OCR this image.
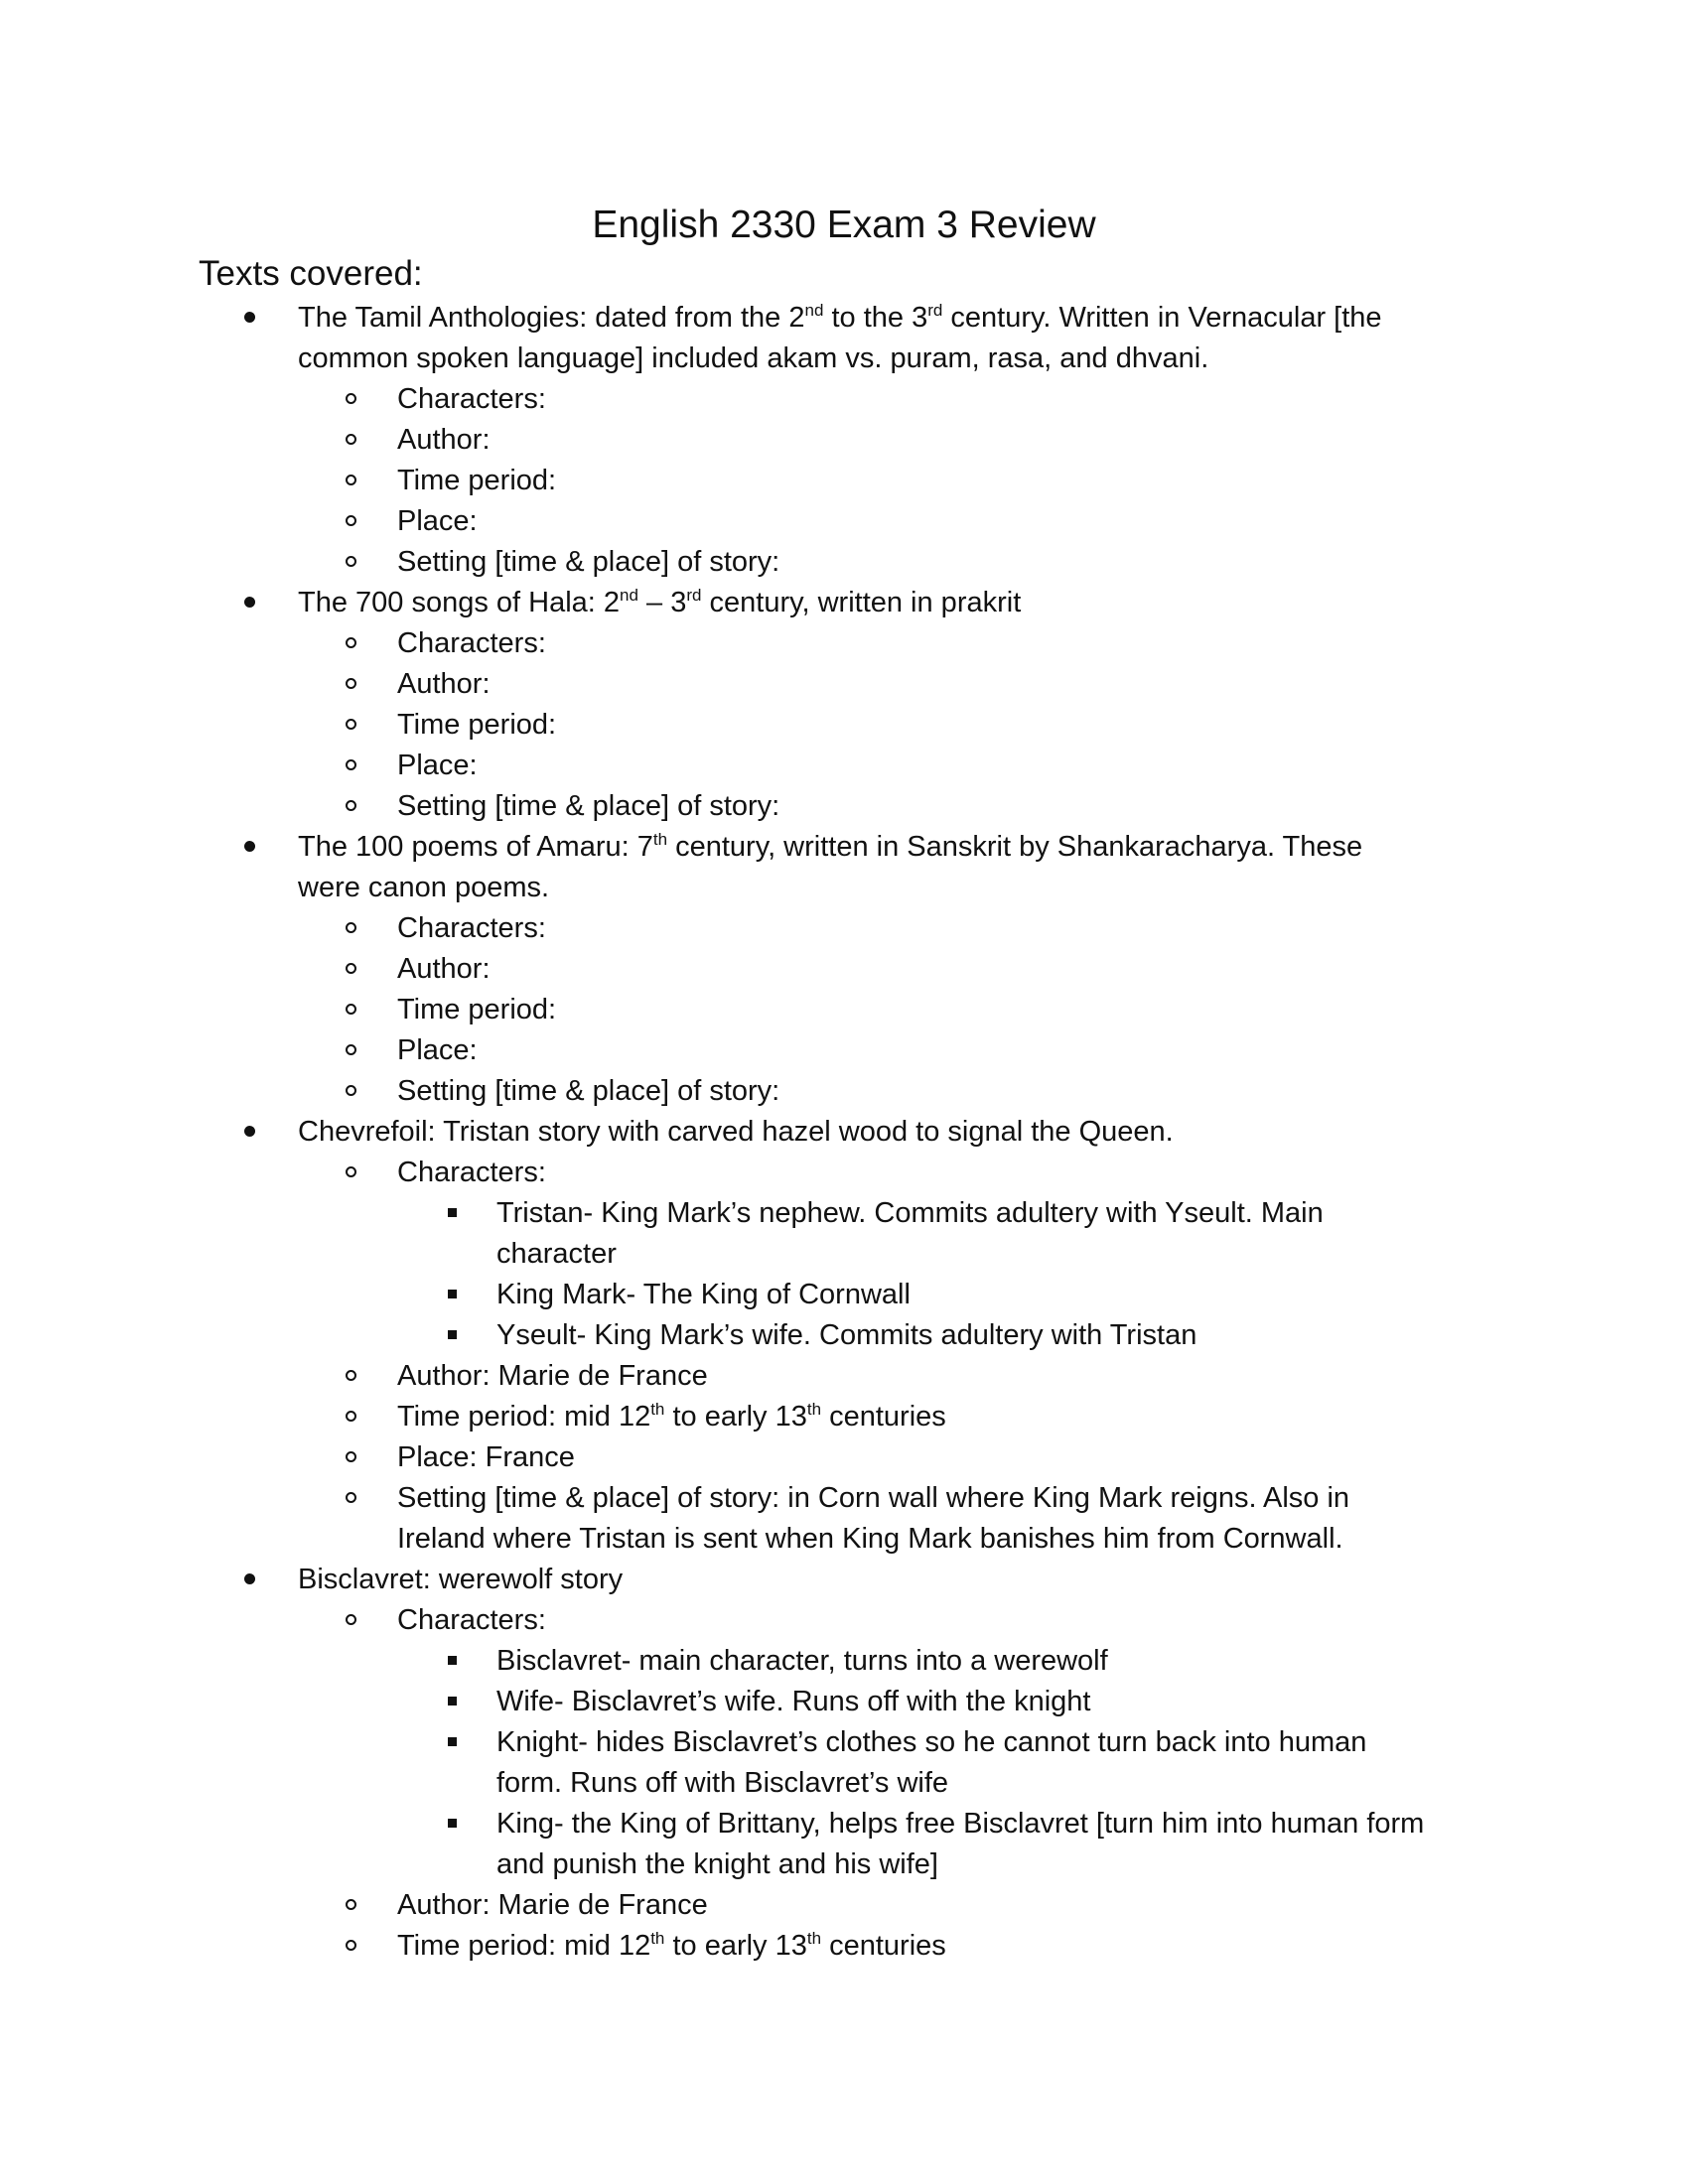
English 2330 Exam 3 Review
Texts covered:
The Tamil Anthologies: dated from the 2nd to the 3rd century. Written in Vernacular [the
common spoken language] included akam vs. puram, rasa, and dhvani.
Characters:
Author:
Time period:
Place:
Setting [time & place] of story:
The 700 songs of Hala: 2nd – 3rd century, written in prakrit
Characters:
Author:
Time period:
Place:
Setting [time & place] of story:
The 100 poems of Amaru: 7th century, written in Sanskrit by Shankaracharya. These
were canon poems.
Characters:
Author:
Time period:
Place:
Setting [time & place] of story:
Chevrefoil: Tristan story with carved hazel wood to signal the Queen.
Characters:
Tristan- King Mark’s nephew. Commits adultery with Yseult. Main
character
King Mark- The King of Cornwall
Yseult- King Mark’s wife. Commits adultery with Tristan
Author: Marie de France
Time period: mid 12th to early 13th centuries
Place: France
Setting [time & place] of story: in Corn wall where King Mark reigns. Also in
Ireland where Tristan is sent when King Mark banishes him from Cornwall.
Bisclavret: werewolf story
Characters:
Bisclavret- main character, turns into a werewolf
Wife- Bisclavret’s wife. Runs off with the knight
Knight- hides Bisclavret’s clothes so he cannot turn back into human
form. Runs off with Bisclavret’s wife
King- the King of Brittany, helps free Bisclavret [turn him into human form
and punish the knight and his wife]
Author: Marie de France
Time period: mid 12th to early 13th centuries
